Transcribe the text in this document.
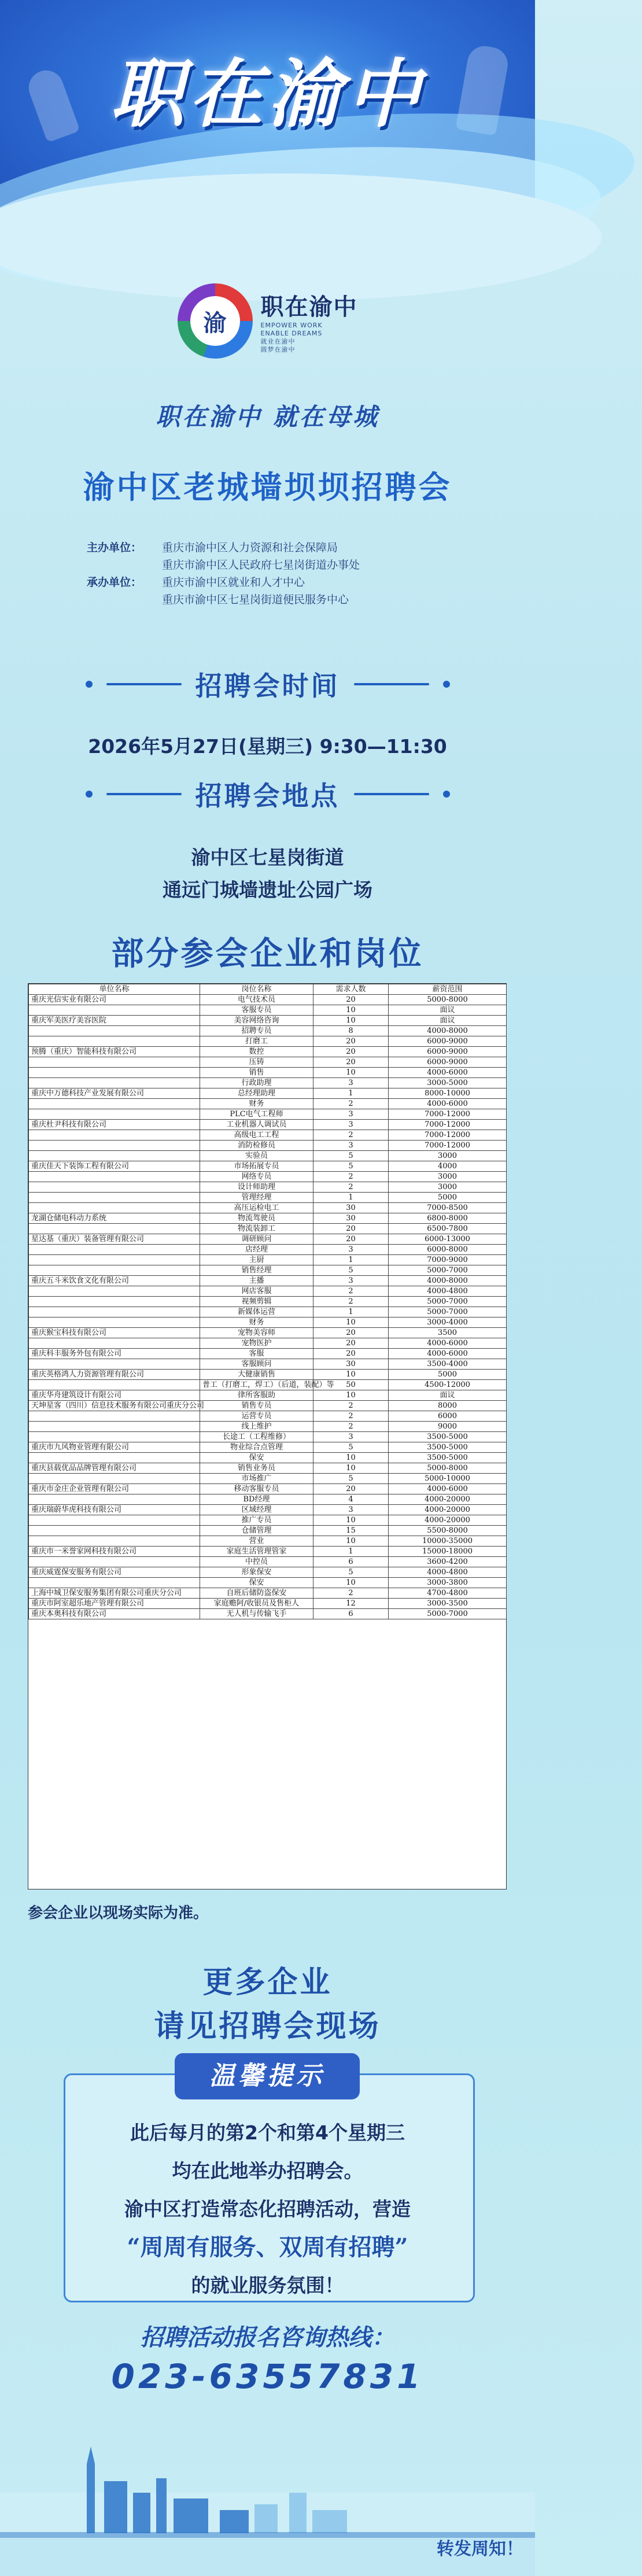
职在渝中
渝
职在渝中
EMPOWER WORK
ENABLE DREAMS
就业在渝中
圆梦在渝中
职在渝中 就在母城
渝中区老城墙坝坝招聘会
主办单位：	重庆市渝中区人力资源和社会保障局
重庆市渝中区人民政府七星岗街道办事处
承办单位：	重庆市渝中区就业和人才中心
重庆市渝中区七星岗街道便民服务中心
招聘会时间
2026年5月27日(星期三) 9:30—11:30
招聘会地点
渝中区七星岗街道
通远门城墙遗址公园广场
部分参会企业和岗位
单位名称	岗位名称	需求人数	薪资范围
重庆光信实业有限公司	电气技术员	20	5000-8000
	客服专员	10	面议
重庆军美医疗美容医院	美容网络咨询	10	面议
	招聘专员	8	4000-8000
	打磨工	20	6000-9000
预腾（重庆）智能科技有限公司	数控	20	6000-9000
	压铸	20	6000-9000
	销售	10	4000-6000
	行政助理	3	3000-5000
重庆中万德科技产业发展有限公司	总经理助理	1	8000-10000
	财务	2	4000-6000
	PLC电气工程师	3	7000-12000
重庆杜尹科技有限公司	工业机器人调试员	3	7000-12000
	高级电工工程	2	7000-12000
	消防检修员	3	7000-12000
	实验员	5	3000
重庆佳天下装饰工程有限公司	市场拓展专员	5	4000
	网络专员	2	3000
	设计师助理	2	3000
	管理经理	1	5000
	高压运检电工	30	7000-8500
龙湖仓储电科动力系统	物流驾驶员	30	6800-8000
	物流装卸工	20	6500-7800
星达基（重庆）装备管理有限公司	调研顾问	20	6000-13000
	店经理	3	6000-8000
	主厨	1	7000-9000
	销售经理	5	5000-7000
重庆五斗米饮食文化有限公司	主播	3	4000-8000
	网店客服	2	4000-4800
	视频剪辑	2	5000-7000
	新媒体运营	1	5000-7000
	财务	10	3000-4000
重庆猴宝科技有限公司	宠物美容师	20	3500
	宠物医护	20	4000-6000
重庆科丰服务外包有限公司	客服	20	4000-6000
	客服顾问	30	3500-4000
重庆英格鸿人力资源管理有限公司	大健康销售	10	5000
	普工（打磨工，焊工）（后道，装配）等	50	4500-12000
重庆华舟建筑设计有限公司	律所客服助	10	面议
天坤星客（四川）信息技术服务有限公司重庆分公司	销售专员	2	8000
	运营专员	2	6000
	线上维护	2	9000
	长途工（工程维修）	3	3500-5000
重庆市九风物业管理有限公司	物业综合点管理	5	3500-5000
	保安	10	3500-5000
重庆县载优品品牌管理有限公司	销售业务员	10	5000-8000
	市场推广	5	5000-10000
重庆市金庄企业管理有限公司	移动客服专员	20	4000-6000
	BD经理	4	4000-20000
重庆瑞蔚华虎科技有限公司	区域经理	3	4000-20000
	推广专员	10	4000-20000
	仓储管理	15	5500-8000
	营业	10	10000-35000
重庆市一米誉家网科技有限公司	家庭生活管理管家	1	15000-18000
	中控员	6	3600-4200
重庆威霆保安服务有限公司	形象保安	5	4000-4800
	保安	10	3000-3800
上海中城卫保安服务集团有限公司重庆分公司	自班后储防盗保安	2	4700-4800
重庆市阿室超乐地产管理有限公司	家庭赡阿/收银员及售柜人	12	3000-3500
重庆本奥科技有限公司	无人机与传输飞手	6	5000-7000
参会企业以现场实际为准。
更多企业
请见招聘会现场
温馨提示
此后每月的第2个和第4个星期三
均在此地举办招聘会。
渝中区打造常态化招聘活动，营造
“周周有服务、双周有招聘”
的就业服务氛围！
招聘活动报名咨询热线：
023-63557831
转发周知！
